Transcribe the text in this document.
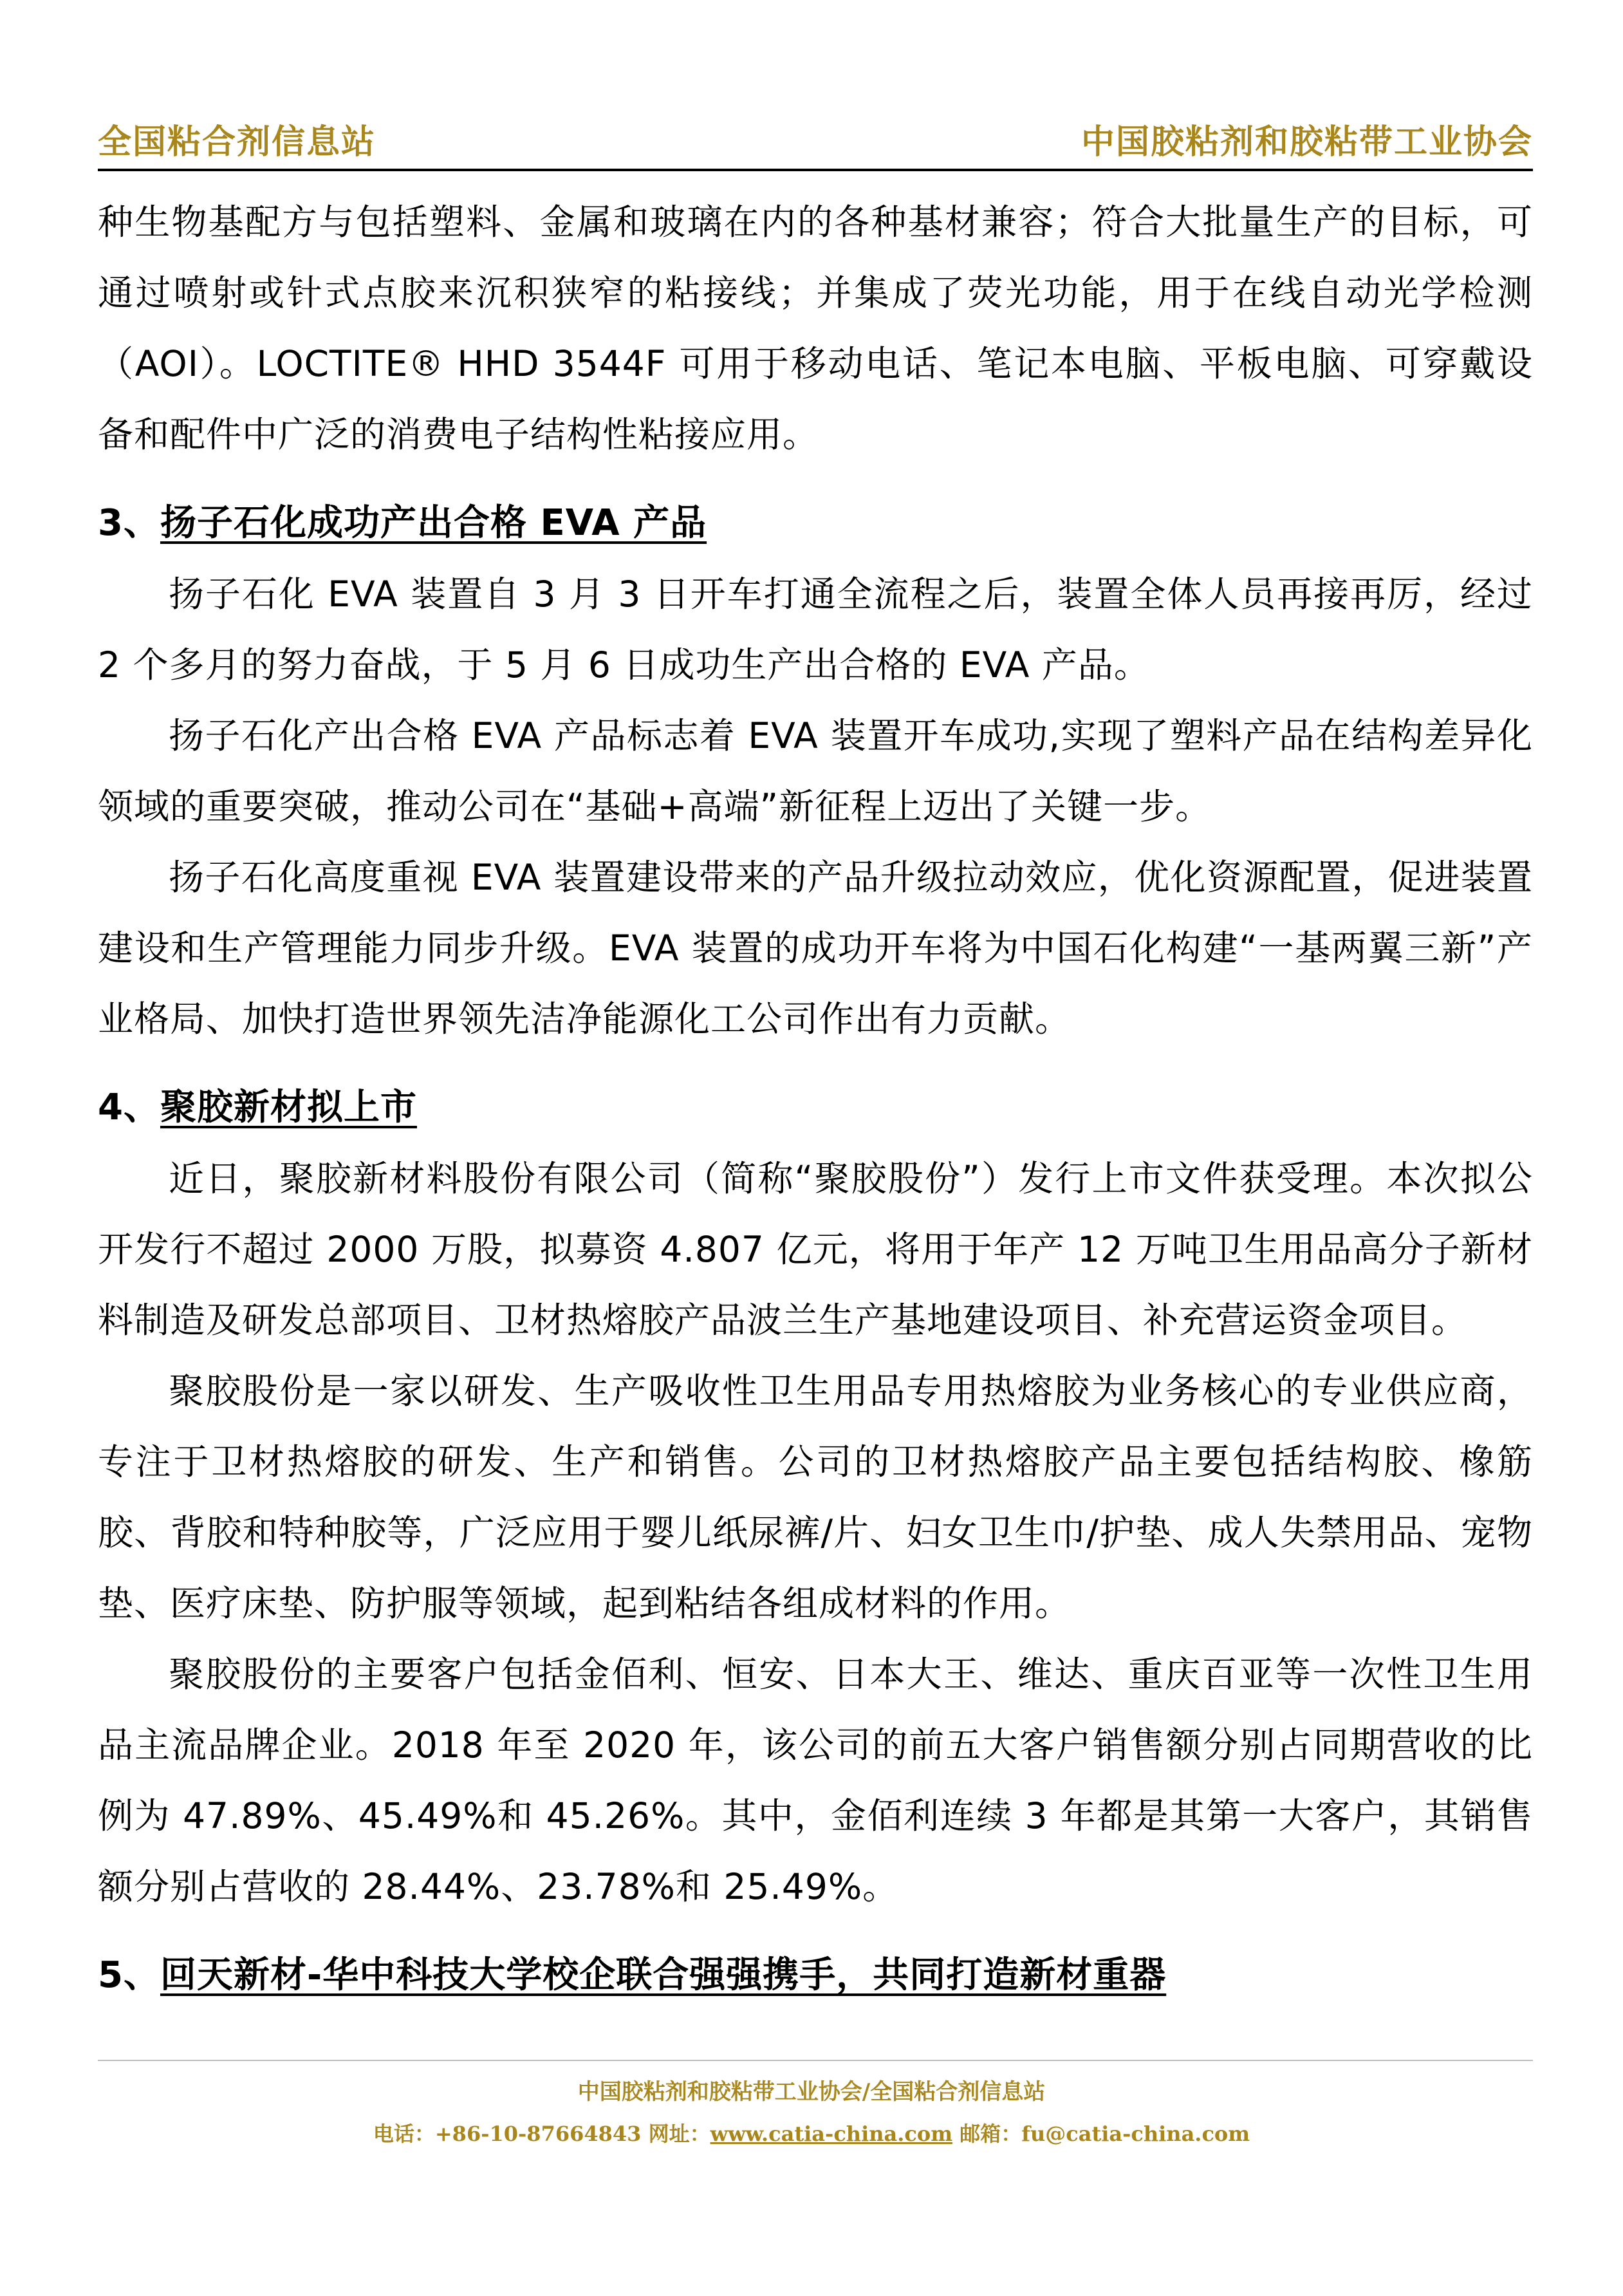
全国粘合剂信息站	中国胶粘剂和胶粘带工业协会

种生物基配方与包括塑料、金属和玻璃在内的各种基材兼容；符合大批量生产的目标，可通过喷射或针式点胶来沉积狭窄的粘接线；并集成了荧光功能，用于在线自动光学检测（AOI）。LOCTITE® HHD 3544F 可用于移动电话、笔记本电脑、平板电脑、可穿戴设备和配件中广泛的消费电子结构性粘接应用。

3、扬子石化成功产出合格 EVA 产品

扬子石化 EVA 装置自 3 月 3 日开车打通全流程之后，装置全体人员再接再厉，经过 2 个多月的努力奋战，于 5 月 6 日成功生产出合格的 EVA 产品。

扬子石化产出合格 EVA 产品标志着 EVA 装置开车成功,实现了塑料产品在结构差异化领域的重要突破，推动公司在“基础+高端”新征程上迈出了关键一步。

扬子石化高度重视 EVA 装置建设带来的产品升级拉动效应，优化资源配置，促进装置建设和生产管理能力同步升级。EVA 装置的成功开车将为中国石化构建“一基两翼三新”产业格局、加快打造世界领先洁净能源化工公司作出有力贡献。

4、聚胶新材拟上市

近日，聚胶新材料股份有限公司（简称“聚胶股份”）发行上市文件获受理。本次拟公开发行不超过 2000 万股，拟募资 4.807 亿元，将用于年产 12 万吨卫生用品高分子新材料制造及研发总部项目、卫材热熔胶产品波兰生产基地建设项目、补充营运资金项目。

聚胶股份是一家以研发、生产吸收性卫生用品专用热熔胶为业务核心的专业供应商，专注于卫材热熔胶的研发、生产和销售。公司的卫材热熔胶产品主要包括结构胶、橡筋胶、背胶和特种胶等，广泛应用于婴儿纸尿裤/片、妇女卫生巾/护垫、成人失禁用品、宠物垫、医疗床垫、防护服等领域，起到粘结各组成材料的作用。

聚胶股份的主要客户包括金佰利、恒安、日本大王、维达、重庆百亚等一次性卫生用品主流品牌企业。2018 年至 2020 年，该公司的前五大客户销售额分别占同期营收的比例为 47.89%、45.49%和 45.26%。其中，金佰利连续 3 年都是其第一大客户，其销售额分别占营收的 28.44%、23.78%和 25.49%。

5、回天新材-华中科技大学校企联合强强携手，共同打造新材重器
中国胶粘剂和胶粘带工业协会/全国粘合剂信息站
电话：+86-10-87664843 网址：www.catia-china.com 邮箱：fu@catia-china.com
